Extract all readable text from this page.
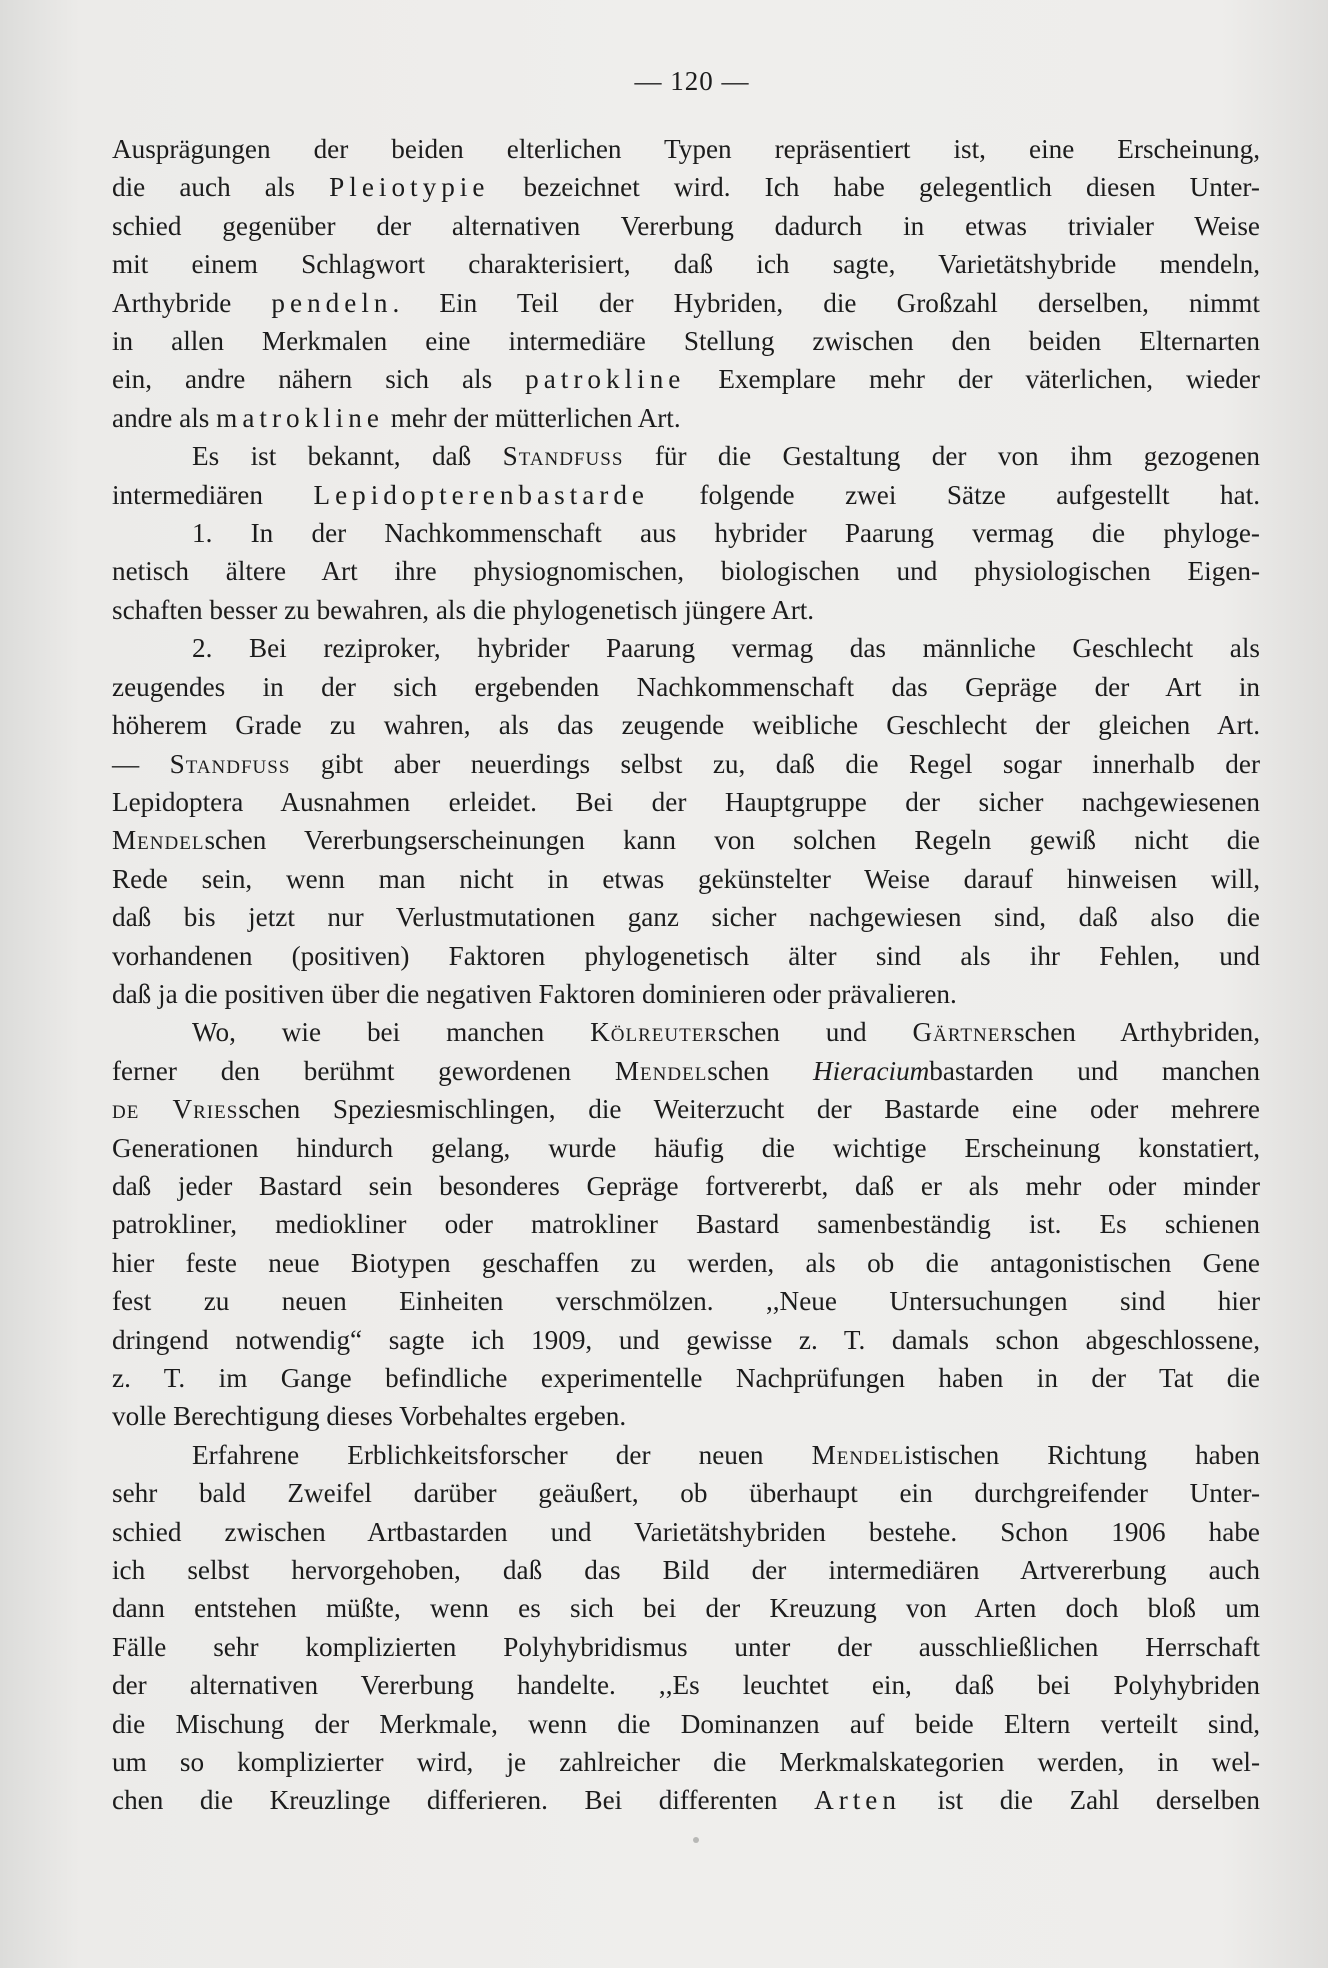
— 120 —
Ausprägungen der beiden elterlichen Typen repräsentiert ist, eine Erscheinung,
die auch als Pleiotypie bezeichnet wird. Ich habe gelegentlich diesen Unter-
schied gegenüber der alternativen Vererbung dadurch in etwas trivialer Weise
mit einem Schlagwort charakterisiert, daß ich sagte, Varietätshybride mendeln,
Arthybride pendeln. Ein Teil der Hybriden, die Großzahl derselben, nimmt
in allen Merkmalen eine intermediäre Stellung zwischen den beiden Elternarten
ein, andre nähern sich als patrokline Exemplare mehr der väterlichen, wieder
andre als matrokline mehr der mütterlichen Art.
Es ist bekannt, daß Standfuss für die Gestaltung der von ihm gezogenen
intermediären Lepidopterenbastarde folgende zwei Sätze aufgestellt hat.
1. In der Nachkommenschaft aus hybrider Paarung vermag die phyloge-
netisch ältere Art ihre physiognomischen, biologischen und physiologischen Eigen-
schaften besser zu bewahren, als die phylogenetisch jüngere Art.
2. Bei reziproker, hybrider Paarung vermag das männliche Geschlecht als
zeugendes in der sich ergebenden Nachkommenschaft das Gepräge der Art in
höherem Grade zu wahren, als das zeugende weibliche Geschlecht der gleichen Art.
— Standfuss gibt aber neuerdings selbst zu, daß die Regel sogar innerhalb der
Lepidoptera Ausnahmen erleidet. Bei der Hauptgruppe der sicher nachgewiesenen
Mendelschen Vererbungserscheinungen kann von solchen Regeln gewiß nicht die
Rede sein, wenn man nicht in etwas gekünstelter Weise darauf hinweisen will,
daß bis jetzt nur Verlustmutationen ganz sicher nachgewiesen sind, daß also die
vorhandenen (positiven) Faktoren phylogenetisch älter sind als ihr Fehlen, und
daß ja die positiven über die negativen Faktoren dominieren oder prävalieren.
Wo, wie bei manchen Kölreuterschen und Gärtnerschen Arthybriden,
ferner den berühmt gewordenen Mendelschen Hieraciumbastarden und manchen
de Vriesschen Speziesmischlingen, die Weiterzucht der Bastarde eine oder mehrere
Generationen hindurch gelang, wurde häufig die wichtige Erscheinung konstatiert,
daß jeder Bastard sein besonderes Gepräge fortvererbt, daß er als mehr oder minder
patrokliner, mediokliner oder matrokliner Bastard samenbeständig ist. Es schienen
hier feste neue Biotypen geschaffen zu werden, als ob die antagonistischen Gene
fest zu neuen Einheiten verschmölzen. ,,Neue Untersuchungen sind hier
dringend notwendig“ sagte ich 1909, und gewisse z. T. damals schon abgeschlossene,
z. T. im Gange befindliche experimentelle Nachprüfungen haben in der Tat die
volle Berechtigung dieses Vorbehaltes ergeben.
Erfahrene Erblichkeitsforscher der neuen Mendelistischen Richtung haben
sehr bald Zweifel darüber geäußert, ob überhaupt ein durchgreifender Unter-
schied zwischen Artbastarden und Varietätshybriden bestehe. Schon 1906 habe
ich selbst hervorgehoben, daß das Bild der intermediären Artvererbung auch
dann entstehen müßte, wenn es sich bei der Kreuzung von Arten doch bloß um
Fälle sehr komplizierten Polyhybridismus unter der ausschließlichen Herrschaft
der alternativen Vererbung handelte. ,,Es leuchtet ein, daß bei Polyhybriden
die Mischung der Merkmale, wenn die Dominanzen auf beide Eltern verteilt sind,
um so komplizierter wird, je zahlreicher die Merkmalskategorien werden, in wel-
chen die Kreuzlinge differieren. Bei differenten Arten ist die Zahl derselben
